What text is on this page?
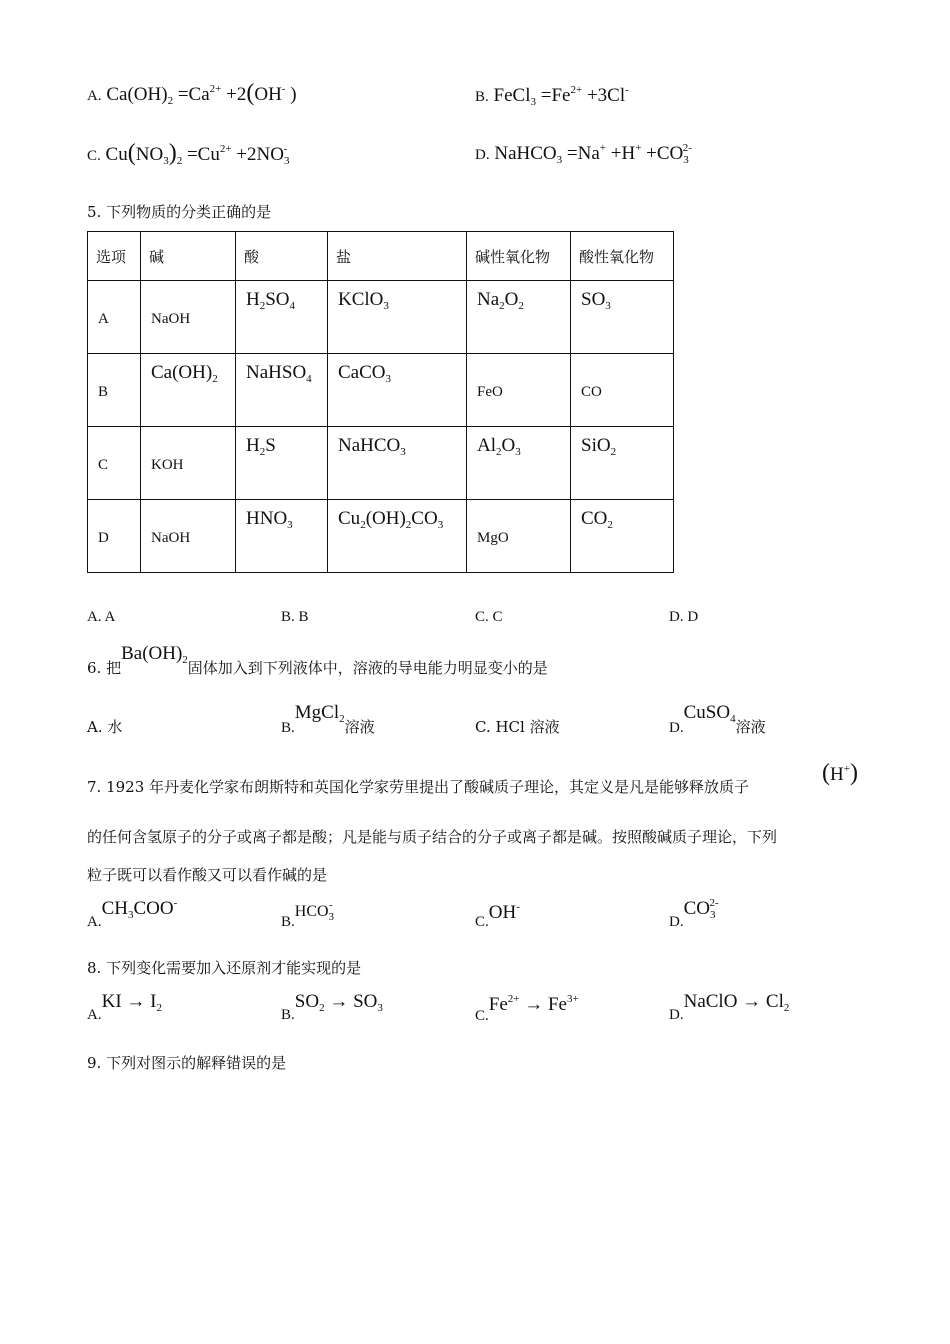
A. $Ca(OH)_2 =Ca^{2+} +2(OH^-$ )	B. FeCl$_3$ $=Fe^{2+} +3Cl^-$
C. $Cu(NO_3)_2 =Cu^{2+} +2NO_3^-$	D. NaHCO$_3$ $=Na^+ +H^+ +CO_3^{2-}$
5. 下列物质的分类正确的是
选项	碱	酸	盐	碱性氧化物	酸性氧化物

A	NaOH	$H_2SO_4$	KClO$_3$	$Na_2O_2$	$SO_3$

B	$Ca(OH)_2$	NaHSO$_4$	CaCO$_3$	FeO	CO

C	KOH	$H_2S$	NaHCO$_3$	$Al_2O_3$	SiO$_2$

D	NaOH	$HNO_3$	$Cu_2(OH)_2CO_3$	MgO	$CO_2$
A. A	B. B	C. C	D. D
6. 把$Ba(OH)_2$固体加入到下列液体中，溶液的导电能力明显变小的是
A. 水	B.MgCl$_2$溶液	C. HCl 溶液	D.CuSO$_4$溶液
7. 1923 年丹麦化学家布朗斯特和英国化学家劳里提出了酸碱质子理论，其定义是凡是能够释放质子
(H+)
的任何含氢原子的分子或离子都是酸；凡是能与质子结合的分子或离子都是碱。按照酸碱质子理论，下列
粒子既可以看作酸又可以看作碱的是
$A.CH_3COO^-$
$B.HCO_3^-$
C.OH-
$D.CO_3^{2-}$
8. 下列变化需要加入还原剂才能实现的是
$A.KI \to I_2$	$B.SO_2 \to SO_3$	$C.Fe^{2+} \to Fe^{3+}$
D.NaClO → $Cl_2$
9. 下列对图示的解释错误的是
